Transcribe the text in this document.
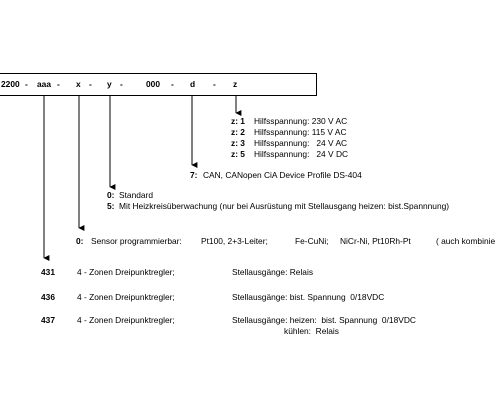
2200 - aaa - x - y -	000 - d - z
z: 1 Hilfsspannung: 230 V AC
z: 2 Hilfsspannung: 115 V AC
z: 3 Hilfsspannung:   24 V AC
z: 5 Hilfsspannung:   24 V DC
7: CAN, CANopen CiA Device Profile DS-404
0: Standard
5: Mit Heizkreisüberwachung (nur bei Ausrüstung mit Stellausgang heizen: bist.Spannnung)
0: Sensor programmierbar: Pt100, 2+3-Leiter;	Fe-CuNi; NiCr-Ni, Pt10Rh-Pt	( auch kombinie
431	4 - Zonen Dreipunktregler;	Stellausgänge: Relais
436	4 - Zonen Dreipunktregler;	Stellausgänge: bist. Spannung  0/18VDC
437	4 - Zonen Dreipunktregler;	Stellausgänge: heizen:  bist. Spannung  0/18VDC
kühlen:  Relais
